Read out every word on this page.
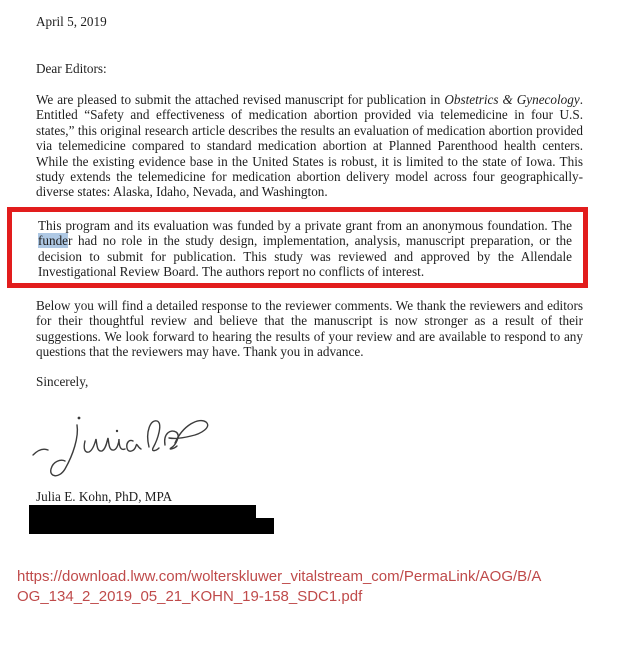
April 5, 2019

Dear Editors:

We are pleased to submit the attached revised manuscript for publication in Obstetrics & Gynecology. Entitled “Safety and effectiveness of medication abortion provided via telemedicine in four U.S. states,” this original research article describes the results an evaluation of medication abortion provided via telemedicine compared to standard medication abortion at Planned Parenthood health centers. While the existing evidence base in the United States is robust, it is limited to the state of Iowa. This study extends the telemedicine for medication abortion delivery model across four geographically-diverse states: Alaska, Idaho, Nevada, and Washington.

This program and its evaluation was funded by a private grant from an anonymous foundation. The funder had no role in the study design, implementation, analysis, manuscript preparation, or the decision to submit for publication. This study was reviewed and approved by the Allendale Investigational Review Board. The authors report no conflicts of interest.

Below you will find a detailed response to the reviewer comments. We thank the reviewers and editors for their thoughtful review and believe that the manuscript is now stronger as a result of their suggestions. We look forward to hearing the results of your review and are available to respond to any questions that the reviewers may have. Thank you in advance.

Sincerely,

Julia E. Kohn, PhD, MPA

https://download.lww.com/wolterskluwer_vitalstream_com/PermaLink/AOG/B/A
OG_134_2_2019_05_21_KOHN_19-158_SDC1.pdf
